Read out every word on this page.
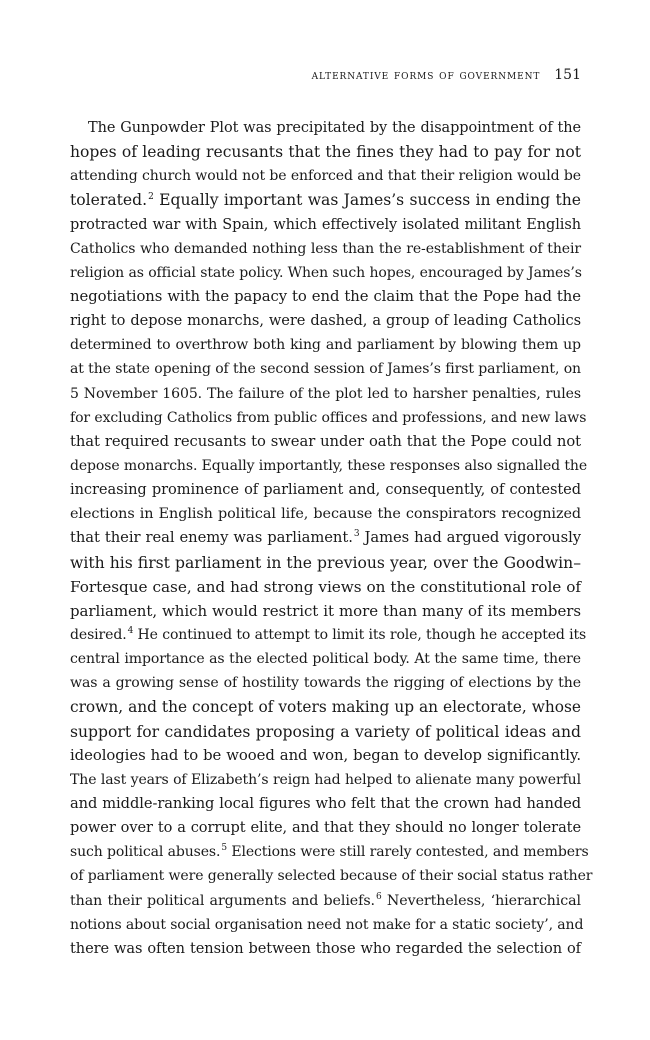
alternative forms of government 151
The Gunpowder Plot was precipitated by the disappointment of the
hopes of leading recusants that the fines they had to pay for not
attending church would not be enforced and that their religion would be
tolerated.$^2$ Equally important was James’s success in ending the
protracted war with Spain, which effectively isolated militant English
Catholics who demanded nothing less than the re-establishment of their
religion as official state policy. When such hopes, encouraged by James’s
negotiations with the papacy to end the claim that the Pope had the
right to depose monarchs, were dashed, a group of leading Catholics
determined to overthrow both king and parliament by blowing them up
at the state opening of the second session of James’s first parliament, on
5 November 1605. The failure of the plot led to harsher penalties, rules
for excluding Catholics from public offices and professions, and new laws
that required recusants to swear under oath that the Pope could not
depose monarchs. Equally importantly, these responses also signalled the
increasing prominence of parliament and, consequently, of contested
elections in English political life, because the conspirators recognized
that their real enemy was parliament.$^3$ James had argued vigorously
with his first parliament in the previous year, over the Goodwin–
Fortesque case, and had strong views on the constitutional role of
parliament, which would restrict it more than many of its members
desired.$^4$ He continued to attempt to limit its role, though he accepted its
central importance as the elected political body. At the same time, there
was a growing sense of hostility towards the rigging of elections by the
crown, and the concept of voters making up an electorate, whose
support for candidates proposing a variety of political ideas and
ideologies had to be wooed and won, began to develop significantly.
The last years of Elizabeth’s reign had helped to alienate many powerful
and middle-ranking local figures who felt that the crown had handed
power over to a corrupt elite, and that they should no longer tolerate
such political abuses.$^5$ Elections were still rarely contested, and members
of parliament were generally selected because of their social status rather
than their political arguments and beliefs.$^6$ Nevertheless, ‘hierarchical
notions about social organisation need not make for a static society’, and
there was often tension between those who regarded the selection of
